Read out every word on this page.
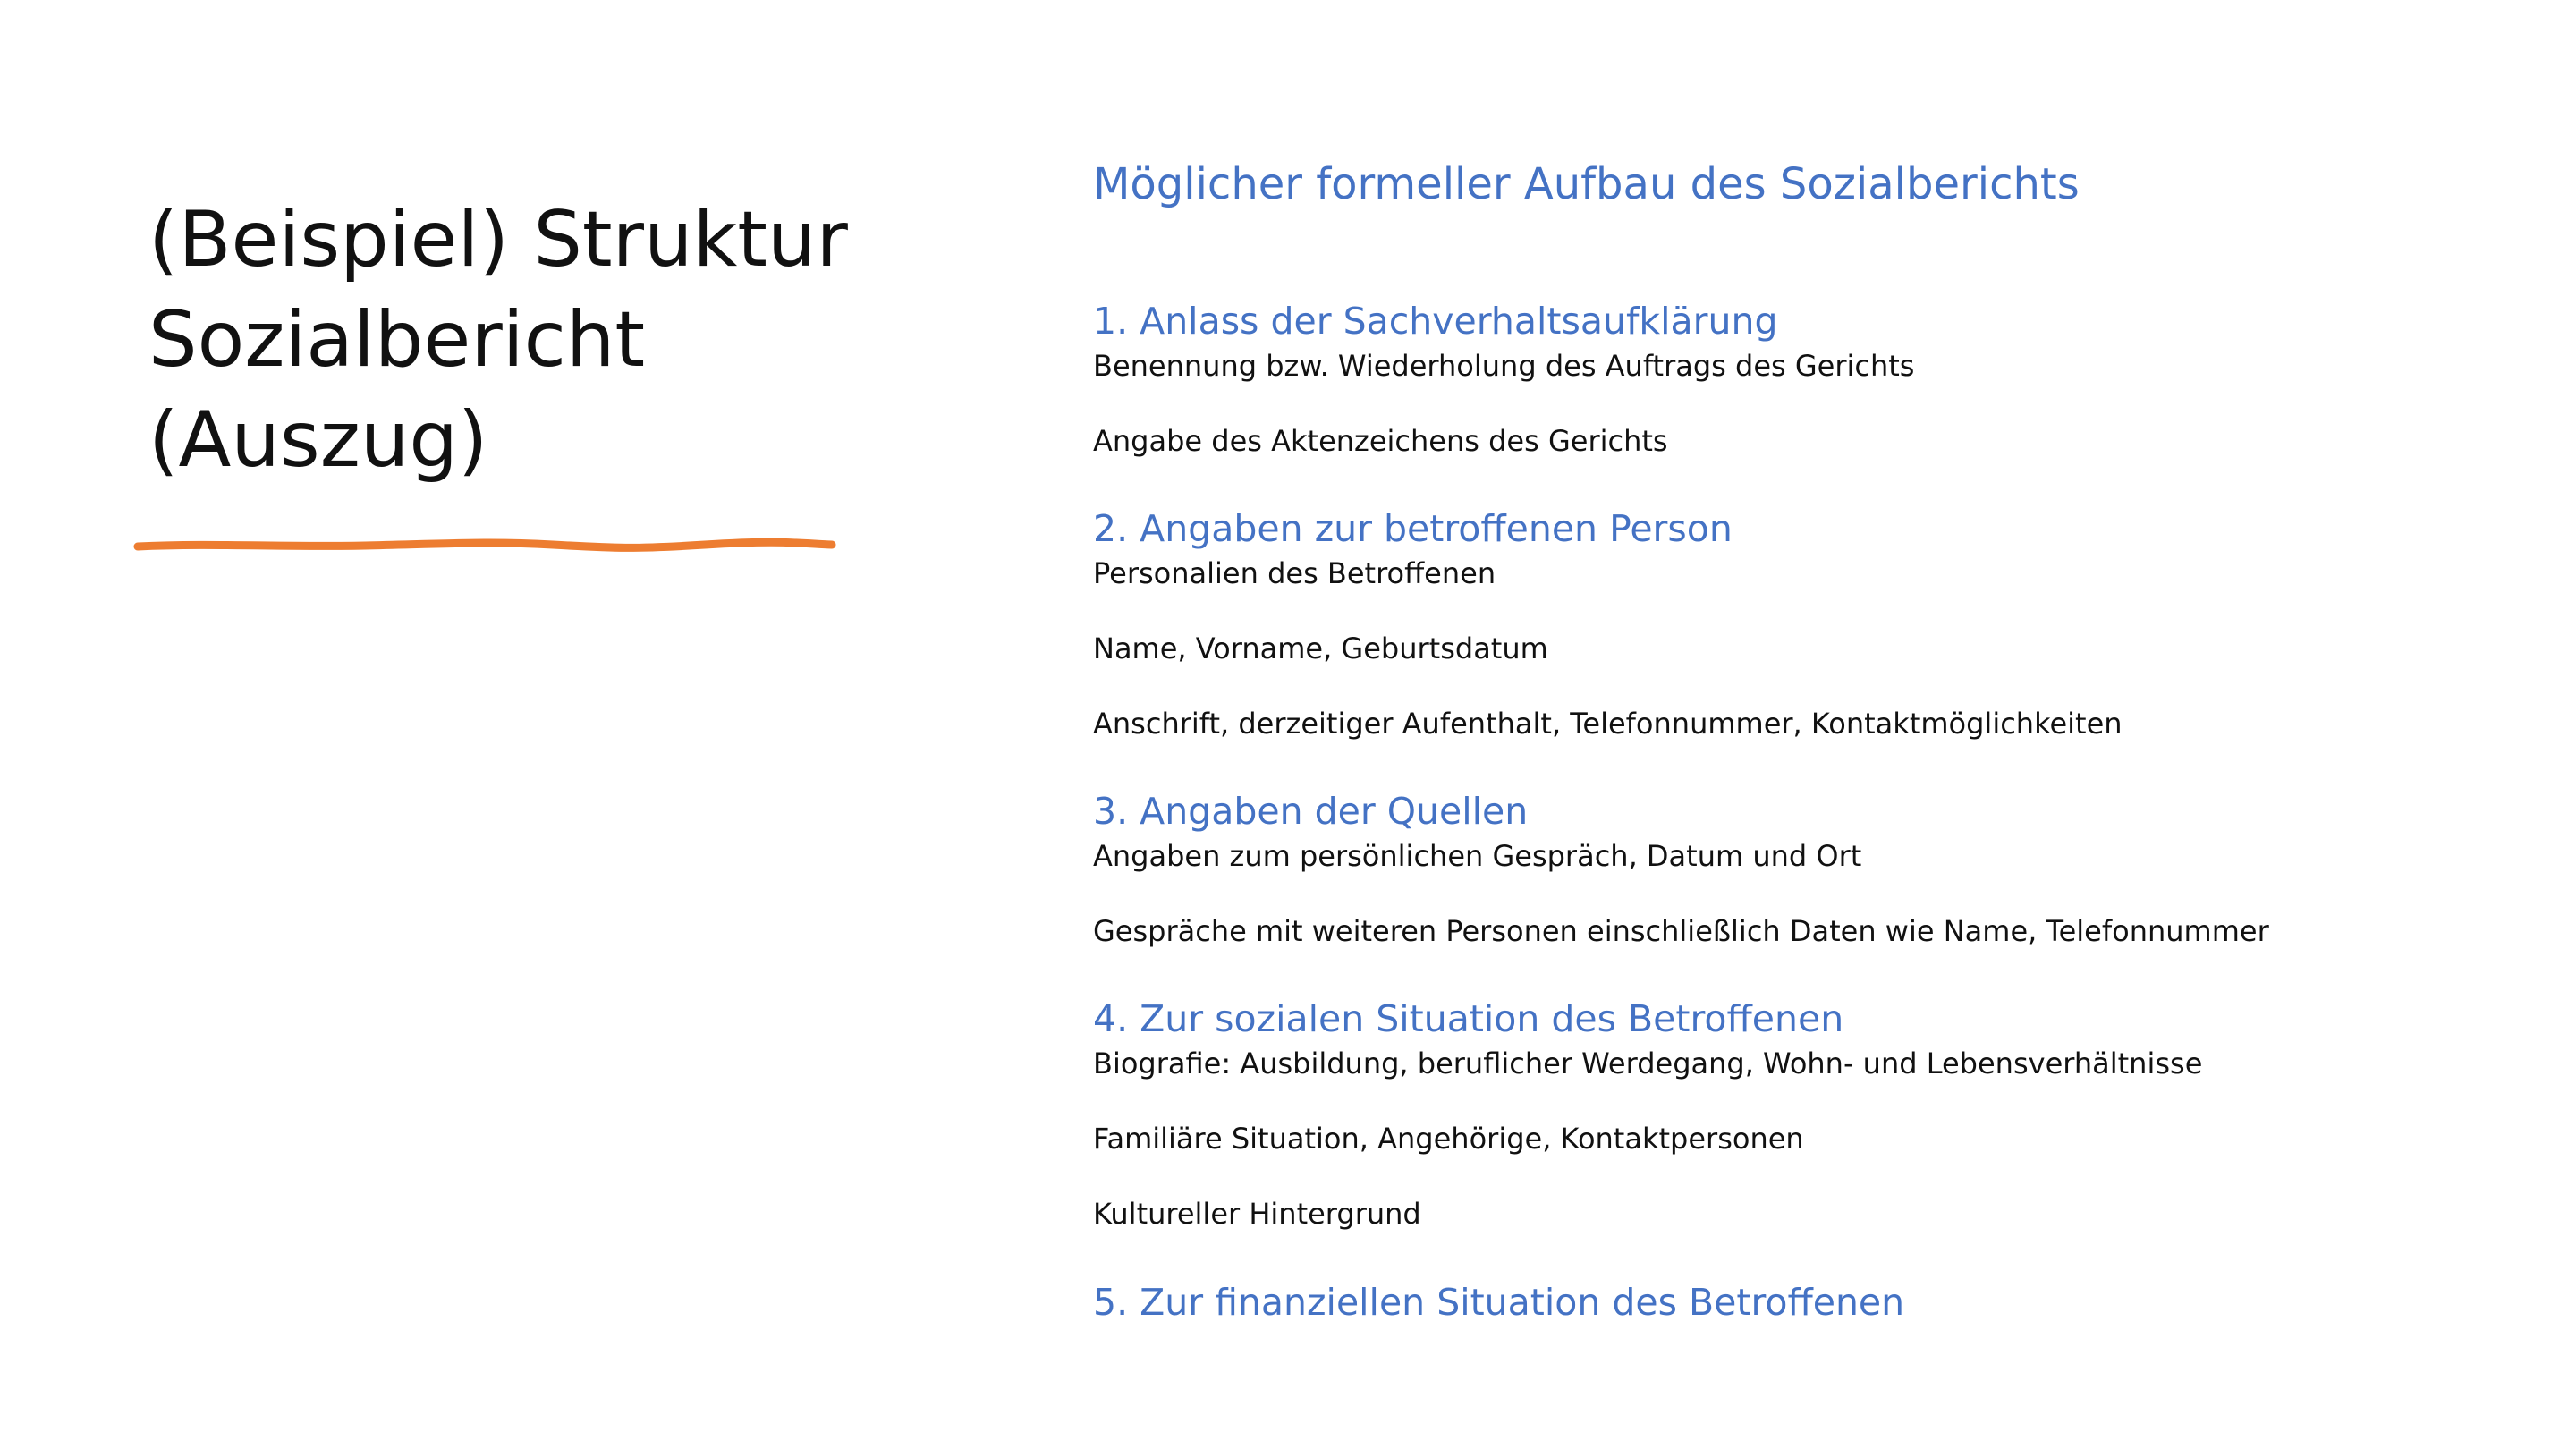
(Beispiel) Struktur
Sozialbericht
(Auszug)
Möglicher formeller Aufbau des Sozialberichts
1. Anlass der Sachverhaltsaufklärung

Benennung bzw. Wiederholung des Auftrags des Gerichts

Angabe des Aktenzeichens des Gerichts

2. Angaben zur betroffenen Person

Personalien des Betroffenen

Name, Vorname, Geburtsdatum

Anschrift, derzeitiger Aufenthalt, Telefonnummer, Kontaktmöglichkeiten

3. Angaben der Quellen

Angaben zum persönlichen Gespräch, Datum und Ort

Gespräche mit weiteren Personen einschließlich Daten wie Name, Telefonnummer

4. Zur sozialen Situation des Betroffenen

Biografie: Ausbildung, beruflicher Werdegang, Wohn- und Lebensverhältnisse

Familiäre Situation, Angehörige, Kontaktpersonen

Kultureller Hintergrund

5. Zur finanziellen Situation des Betroffenen
